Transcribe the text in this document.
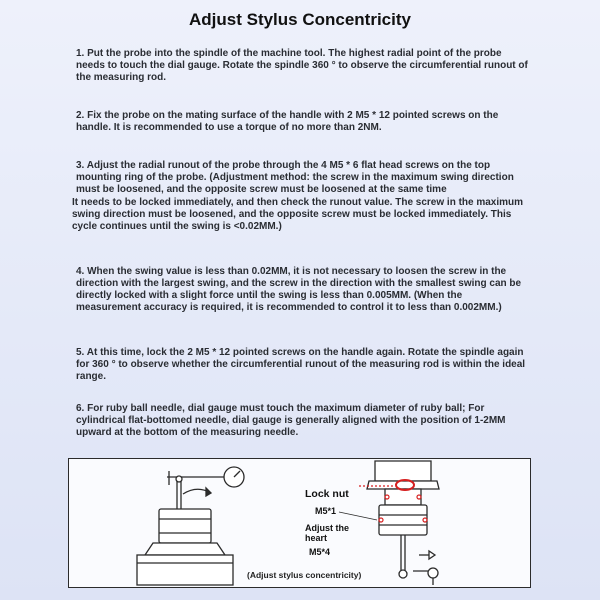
Adjust Stylus Concentricity
1. Put the probe into the spindle of the machine tool. The highest radial point of the probe needs to touch the dial gauge. Rotate the spindle 360 ° to observe the circumferential runout of the measuring rod.
2. Fix the probe on the mating surface of the handle with 2 M5 * 12 pointed screws on the handle. It is recommended to use a torque of no more than 2NM.
3. Adjust the radial runout of the probe through the 4 M5 * 6 flat head screws on the top mounting ring of the probe. (Adjustment method: the screw in the maximum swing direction must be loosened, and the opposite screw must be loosened at the same time
It needs to be locked immediately, and then check the runout value. The screw in the maximum swing direction must be loosened, and the opposite screw must be locked immediately. This cycle continues until the swing is <0.02MM.)
4. When the swing value is less than 0.02MM, it is not necessary to loosen the screw in the direction with the largest swing, and the screw in the direction with the smallest swing can be directly locked with a slight force until the swing is less than 0.005MM. (When the measurement accuracy is required, it is recommended to control it to less than 0.002MM.)
5. At this time, lock the 2 M5 * 12 pointed screws on the handle again. Rotate the spindle again for 360 ° to observe whether the circumferential runout of the measuring rod is within the ideal range.
6. For ruby ball needle, dial gauge must touch the maximum diameter of ruby ball; For cylindrical flat-bottomed needle, dial gauge is generally aligned with the position of 1-2MM upward at the bottom of the measuring needle.
Lock nut
M5*1
Adjust the heart
M5*4
(Adjust stylus concentricity)
